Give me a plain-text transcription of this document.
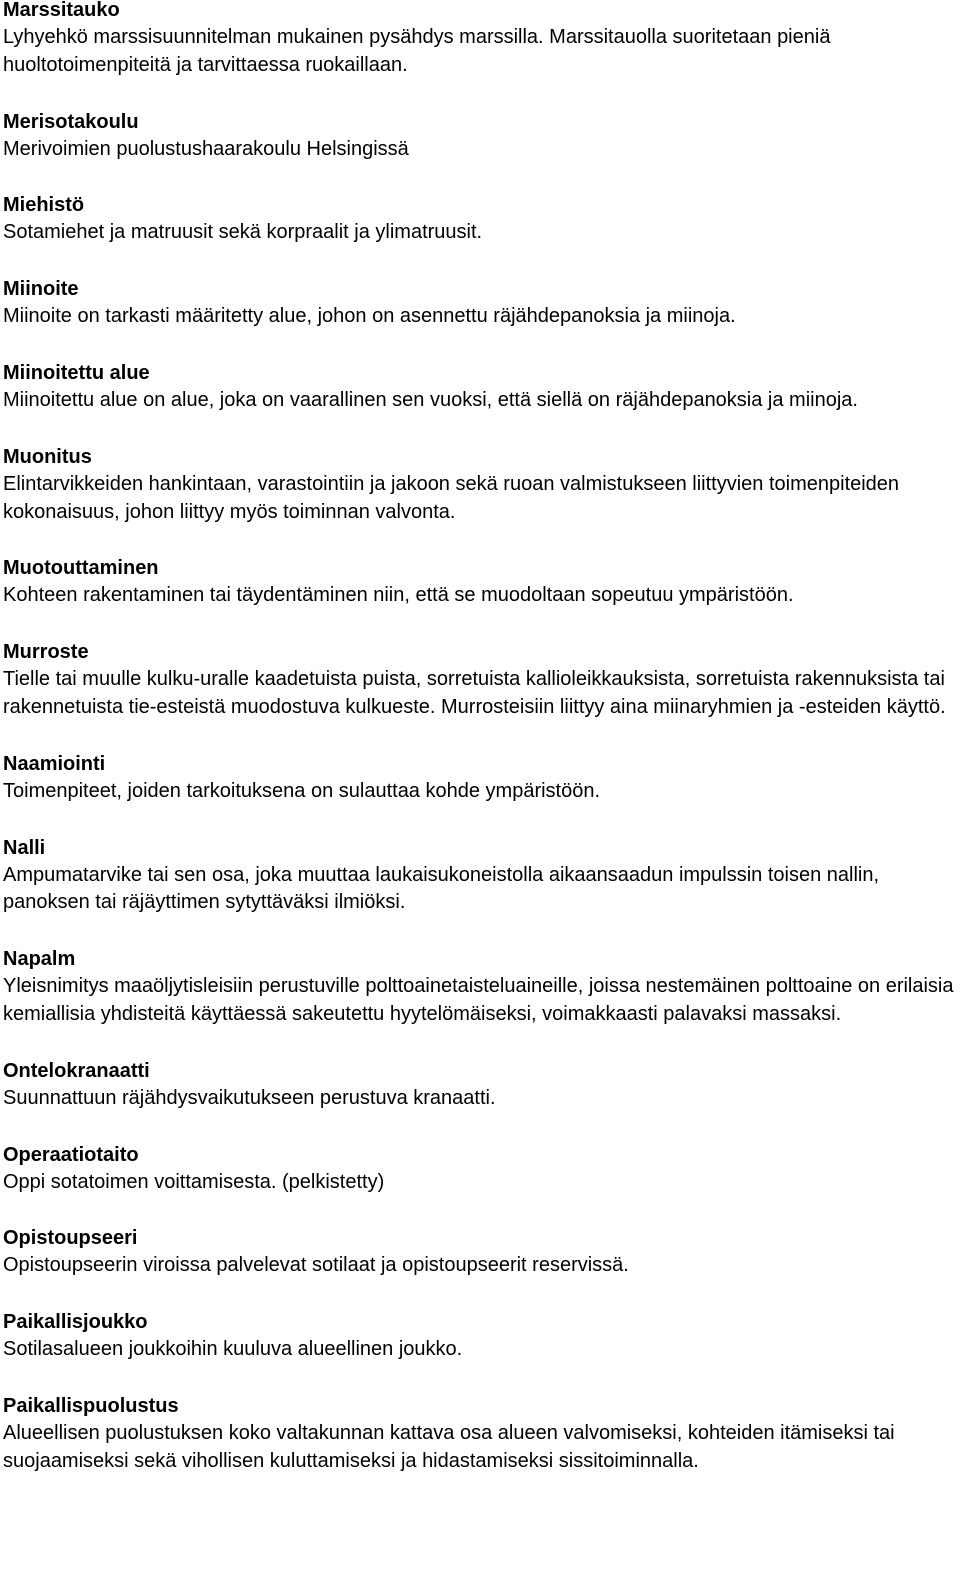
Marssitauko
Lyhyehkö marssisuunnitelman mukainen pysähdys marssilla. Marssitauolla suoritetaan pieniä huoltotoimenpiteitä ja tarvittaessa ruokaillaan.
Merisotakoulu
Merivoimien puolustushaarakoulu Helsingissä
Miehistö
Sotamiehet ja matruusit sekä korpraalit ja ylimatruusit.
Miinoite
Miinoite on tarkasti määritetty alue, johon on asennettu räjähdepanoksia ja miinoja.
Miinoitettu alue
Miinoitettu alue on alue, joka on vaarallinen sen vuoksi, että siellä on räjähdepanoksia ja miinoja.
Muonitus
Elintarvikkeiden hankintaan, varastointiin ja jakoon sekä ruoan valmistukseen liittyvien toimenpiteiden kokonaisuus, johon liittyy myös toiminnan valvonta.
Muotouttaminen
Kohteen rakentaminen tai täydentäminen niin, että se muodoltaan sopeutuu ympäristöön.
Murroste
Tielle tai muulle kulku-uralle kaadetuista puista, sorretuista kallioleikkauksista, sorretuista rakennuksista tai rakennetuista tie-esteistä muodostuva kulkueste. Murrosteisiin liittyy aina miinaryhmien ja -esteiden käyttö.
Naamiointi
Toimenpiteet, joiden tarkoituksena on sulauttaa kohde ympäristöön.
Nalli
Ampumatarvike tai sen osa, joka muuttaa laukaisukoneistolla aikaansaadun impulssin toisen nallin, panoksen tai räjäyttimen sytyttäväksi ilmiöksi.
Napalm
Yleisnimitys maaöljytisleisiin perustuville polttoainetaisteluaineille, joissa nestemäinen polttoaine on erilaisia kemiallisia yhdisteitä käyttäessä sakeutettu hyytelömäiseksi, voimakkaasti palavaksi massaksi.
Ontelokranaatti
Suunnattuun räjähdysvaikutukseen perustuva kranaatti.
Operaatiotaito
Oppi sotatoimen voittamisesta. (pelkistetty)
Opistoupseeri
Opistoupseerin viroissa palvelevat sotilaat ja opistoupseerit reservissä.
Paikallisjoukko
Sotilasalueen joukkoihin kuuluva alueellinen joukko.
Paikallispuolustus
Alueellisen puolustuksen koko valtakunnan kattava osa alueen valvomiseksi, kohteiden itämiseksi tai suojaamiseksi sekä vihollisen kuluttamiseksi ja hidastamiseksi sissitoiminnalla.
